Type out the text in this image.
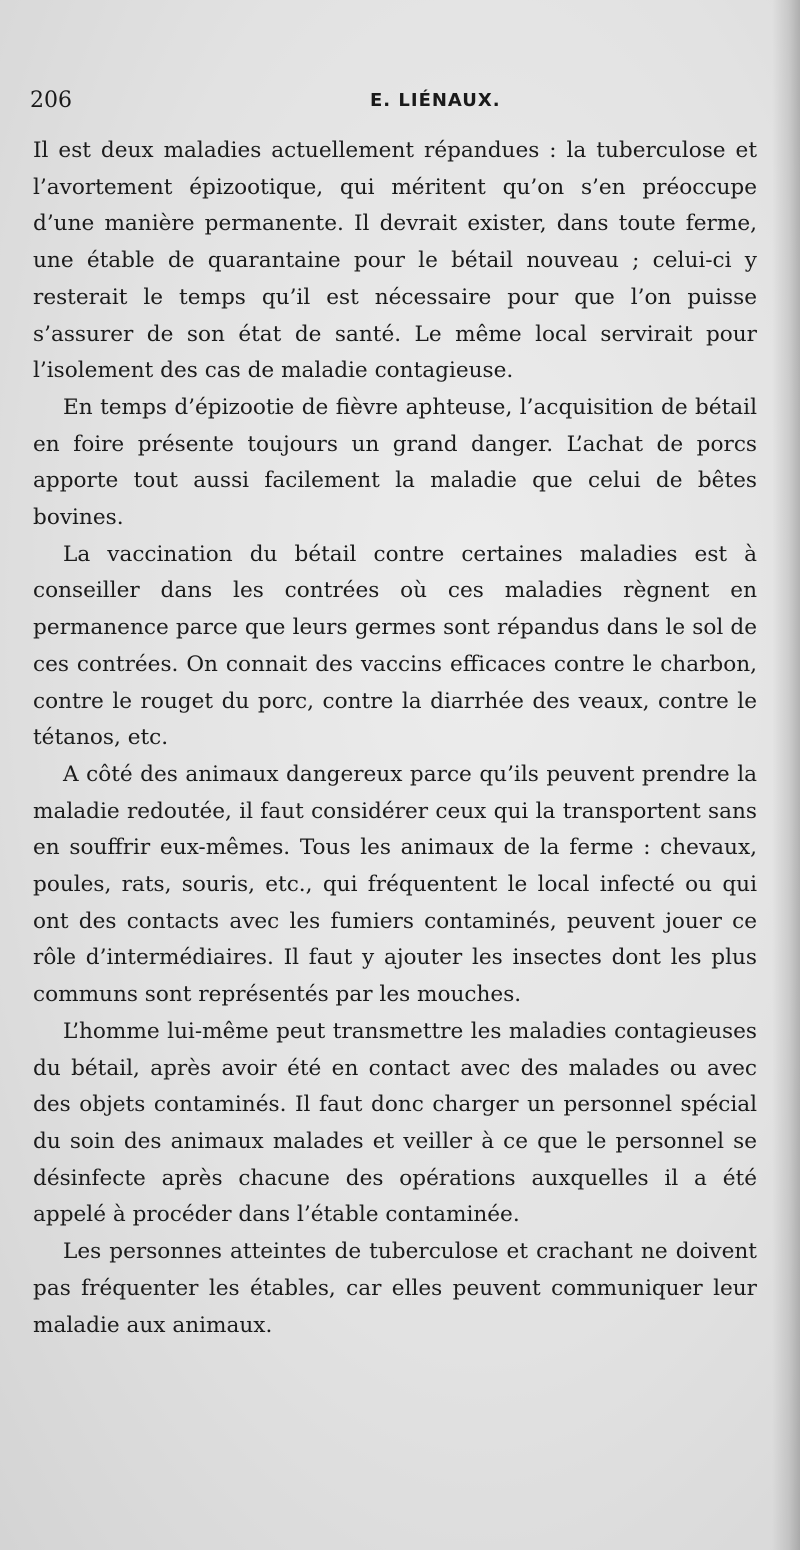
206	E. LIÉNAUX.

Il est deux maladies actuellement répandues : la tuberculose et l’avortement épizootique, qui méritent qu’on s’en préoccupe d’une manière permanente. Il devrait exister, dans toute ferme, une étable de quarantaine pour le bétail nouveau ; celui-ci y resterait le temps qu’il est nécessaire pour que l’on puisse s’assurer de son état de santé. Le même local servirait pour l’isolement des cas de maladie contagieuse.

En temps d’épizootie de fièvre aphteuse, l’acquisition de bétail en foire présente toujours un grand danger. L’achat de porcs apporte tout aussi facilement la maladie que celui de bêtes bovines.

La vaccination du bétail contre certaines maladies est à conseiller dans les contrées où ces maladies règnent en permanence parce que leurs germes sont répandus dans le sol de ces contrées. On connait des vaccins efficaces contre le charbon, contre le rouget du porc, contre la diarrhée des veaux, contre le tétanos, etc.

A côté des animaux dangereux parce qu’ils peuvent prendre la maladie redoutée, il faut considérer ceux qui la transportent sans en souffrir eux-mêmes. Tous les animaux de la ferme : chevaux, poules, rats, souris, etc., qui fréquentent le local infecté ou qui ont des contacts avec les fumiers contaminés, peuvent jouer ce rôle d’intermédiaires. Il faut y ajouter les insectes dont les plus communs sont représentés par les mouches.

L’homme lui-même peut transmettre les maladies contagieuses du bétail, après avoir été en contact avec des malades ou avec des objets contaminés. Il faut donc charger un personnel spécial du soin des animaux malades et veiller à ce que le personnel se désinfecte après chacune des opérations auxquelles il a été appelé à procéder dans l’étable contaminée.

Les personnes atteintes de tuberculose et crachant ne doivent pas fréquenter les étables, car elles peuvent communiquer leur maladie aux animaux.
